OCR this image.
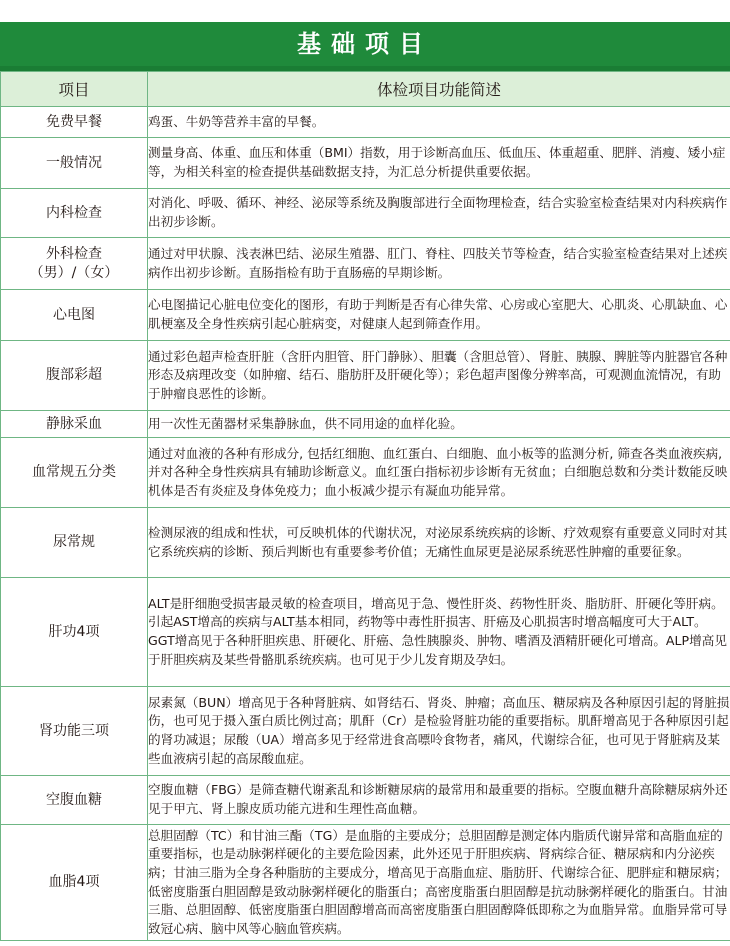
基础项目
项目	体检项目功能简述

免费早餐	鸡蛋、牛奶等营养丰富的早餐。

一般情况	测量身高、体重、血压和体重（BMI）指数，用于诊断高血压、低血压、体重超重、肥胖、消瘦、矮小症等，为相关科室的检查提供基础数据支持，为汇总分析提供重要依据。

内科检查	对消化、呼吸、循环、神经、泌尿等系统及胸腹部进行全面物理检查，结合实验室检查结果对内科疾病作出初步诊断。

外科检查
（男）/（女）	通过对甲状腺、浅表淋巴结、泌尿生殖器、肛门、脊柱、四肢关节等检查，结合实验室检查结果对上述疾病作出初步诊断。直肠指检有助于直肠癌的早期诊断。

心电图	心电图描记心脏电位变化的图形，有助于判断是否有心律失常、心房或心室肥大、心肌炎、心肌缺血、心肌梗塞及全身性疾病引起心脏病变，对健康人起到筛查作用。

腹部彩超	通过彩色超声检查肝脏（含肝内胆管、肝门静脉）、胆囊（含胆总管）、肾脏、胰腺、脾脏等内脏器官各种形态及病理改变（如肿瘤、结石、脂肪肝及肝硬化等）；彩色超声图像分辨率高，可观测血流情况，有助于肿瘤良恶性的诊断。

静脉采血	用一次性无菌器材采集静脉血，供不同用途的血样化验。

血常规五分类	通过对血液的各种有形成分, 包括红细胞、血红蛋白、白细胞、血小板等的监测分析, 筛查各类血液疾病, 并对各种全身性疾病具有辅助诊断意义。血红蛋白指标初步诊断有无贫血；白细胞总数和分类计数能反映机体是否有炎症及身体免疫力；血小板减少提示有凝血功能异常。

尿常规	检测尿液的组成和性状，可反映机体的代谢状况，对泌尿系统疾病的诊断、疗效观察有重要意义同时对其它系统疾病的诊断、预后判断也有重要参考价值；无痛性血尿更是泌尿系统恶性肿瘤的重要征象。

肝功4项	ALT是肝细胞受损害最灵敏的检查项目，增高见于急、慢性肝炎、药物性肝炎、脂肪肝、肝硬化等肝病。引起AST增高的疾病与ALT基本相同，药物等中毒性肝损害、肝癌及心肌损害时增高幅度可大于ALT。GGT增高见于各种肝胆疾患、肝硬化、肝癌、急性胰腺炎、肿物、嗜酒及酒精肝硬化可增高。ALP增高见于肝胆疾病及某些骨骼肌系统疾病。也可见于少儿发育期及孕妇。

肾功能三项	尿素氮（BUN）增高见于各种肾脏病、如肾结石、肾炎、肿瘤；高血压、糖尿病及各种原因引起的肾脏损伤，也可见于摄入蛋白质比例过高；肌酐（Cr）是检验肾脏功能的重要指标。肌酐增高见于各种原因引起的肾功减退；尿酸（UA）增高多见于经常进食高嘌呤食物者，痛风，代谢综合征，也可见于肾脏病及某些血液病引起的高尿酸血症。

空腹血糖	空腹血糖（FBG）是筛查糖代谢紊乱和诊断糖尿病的最常用和最重要的指标。空腹血糖升高除糖尿病外还见于甲亢、肾上腺皮质功能亢进和生理性高血糖。

血脂4项	总胆固醇（TC）和甘油三酯（TG）是血脂的主要成分；总胆固醇是测定体内脂质代谢异常和高脂血症的重要指标，也是动脉粥样硬化的主要危险因素，此外还见于肝胆疾病、肾病综合征、糖尿病和内分泌疾病；甘油三脂为全身各种脂肪的主要成分，增高见于高脂血症、脂肪肝、代谢综合征、肥胖症和糖尿病；低密度脂蛋白胆固醇是致动脉粥样硬化的脂蛋白；高密度脂蛋白胆固醇是抗动脉粥样硬化的脂蛋白。甘油三脂、总胆固醇、低密度脂蛋白胆固醇增高而高密度脂蛋白胆固醇降低即称之为血脂异常。血脂异常可导致冠心病、脑中风等心脑血管疾病。
